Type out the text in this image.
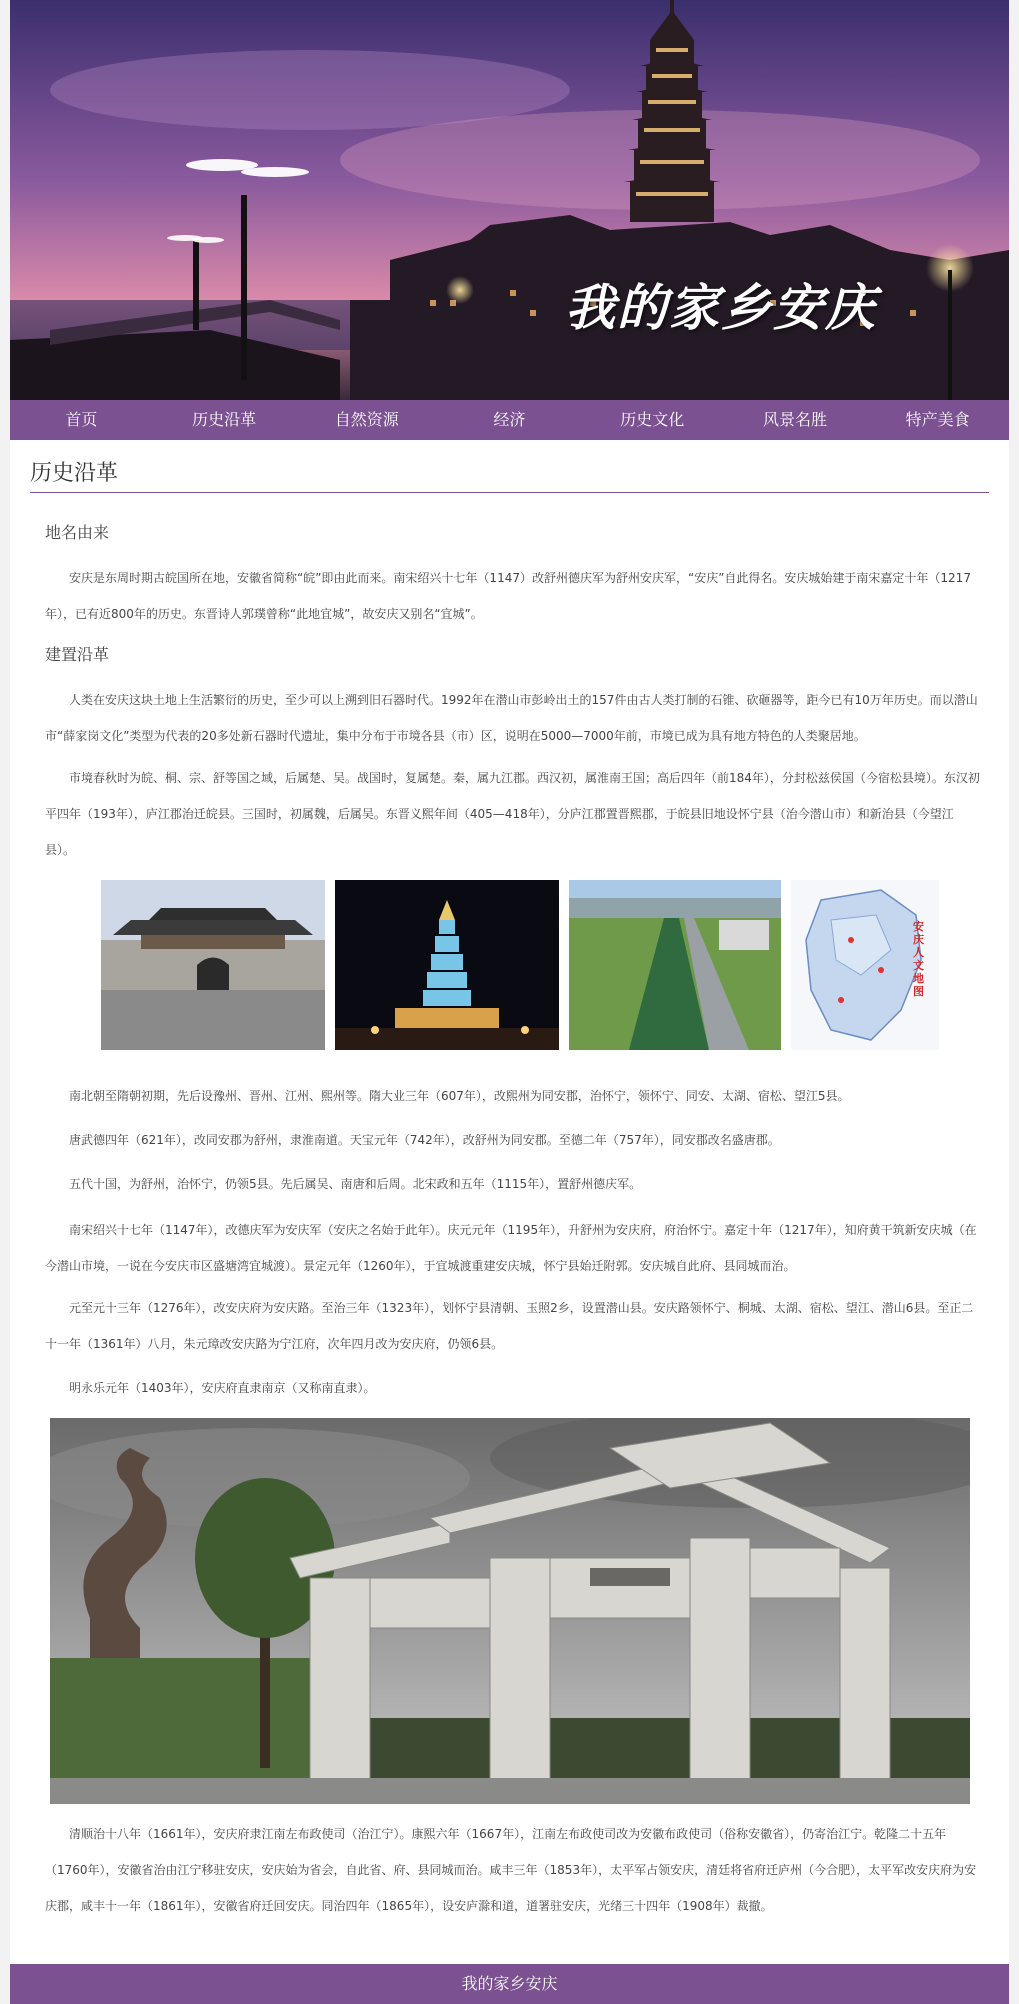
我的家乡安庆
首页	历史沿革	自然资源	经济	历史文化	风景名胜	特产美食
历史沿革
地名由来
安庆是东周时期古皖国所在地，安徽省简称“皖”即由此而来。南宋绍兴十七年（1147）改舒州德庆军为舒州安庆军，“安庆”自此得名。安庆城始建于南宋嘉定十年（1217年），已有近800年的历史。东晋诗人郭璞曾称“此地宜城”，故安庆又别名“宜城”。
建置沿革
人类在安庆这块土地上生活繁衍的历史，至少可以上溯到旧石器时代。1992年在潜山市彭岭出土的157件由古人类打制的石锥、砍砸器等，距今已有10万年历史。而以潜山市“薛家岗文化”类型为代表的20多处新石器时代遗址，集中分布于市境各县（市）区，说明在5000—7000年前，市境已成为具有地方特色的人类聚居地。
市境春秋时为皖、桐、宗、舒等国之域，后属楚、吴。战国时，复属楚。秦，属九江郡。西汉初，属淮南王国；高后四年（前184年），分封松兹侯国（今宿松县境）。东汉初平四年（193年），庐江郡治迁皖县。三国时，初属魏，后属吴。东晋义熙年间（405—418年），分庐江郡置晋熙郡，于皖县旧地设怀宁县（治今潜山市）和新治县（今望江县）。
安庆人文地图
南北朝至隋朝初期，先后设豫州、晋州、江州、熙州等。隋大业三年（607年），改熙州为同安郡，治怀宁，领怀宁、同安、太湖、宿松、望江5县。
唐武德四年（621年），改同安郡为舒州，隶淮南道。天宝元年（742年），改舒州为同安郡。至德二年（757年），同安郡改名盛唐郡。
五代十国，为舒州，治怀宁，仍领5县。先后属吴、南唐和后周。北宋政和五年（1115年），置舒州德庆军。
南宋绍兴十七年（1147年），改德庆军为安庆军（安庆之名始于此年）。庆元元年（1195年），升舒州为安庆府，府治怀宁。嘉定十年（1217年），知府黄干筑新安庆城（在今潜山市境，一说在今安庆市区盛塘湾宜城渡）。景定元年（1260年），于宜城渡重建安庆城，怀宁县始迁附郭。安庆城自此府、县同城而治。
元至元十三年（1276年），改安庆府为安庆路。至治三年（1323年），划怀宁县清朝、玉照2乡，设置潜山县。安庆路领怀宁、桐城、太湖、宿松、望江、潜山6县。至正二十一年（1361年）八月，朱元璋改安庆路为宁江府，次年四月改为安庆府，仍领6县。
明永乐元年（1403年），安庆府直隶南京（又称南直隶）。
清顺治十八年（1661年），安庆府隶江南左布政使司（治江宁）。康熙六年（1667年），江南左布政使司改为安徽布政使司（俗称安徽省），仍寄治江宁。乾隆二十五年（1760年），安徽省治由江宁移驻安庆，安庆始为省会，自此省、府、县同城而治。咸丰三年（1853年），太平军占领安庆，清廷将省府迁庐州（今合肥），太平军改安庆府为安庆郡，咸丰十一年（1861年），安徽省府迁回安庆。同治四年（1865年），设安庐滁和道，道署驻安庆，光绪三十四年（1908年）裁撤。
我的家乡安庆
